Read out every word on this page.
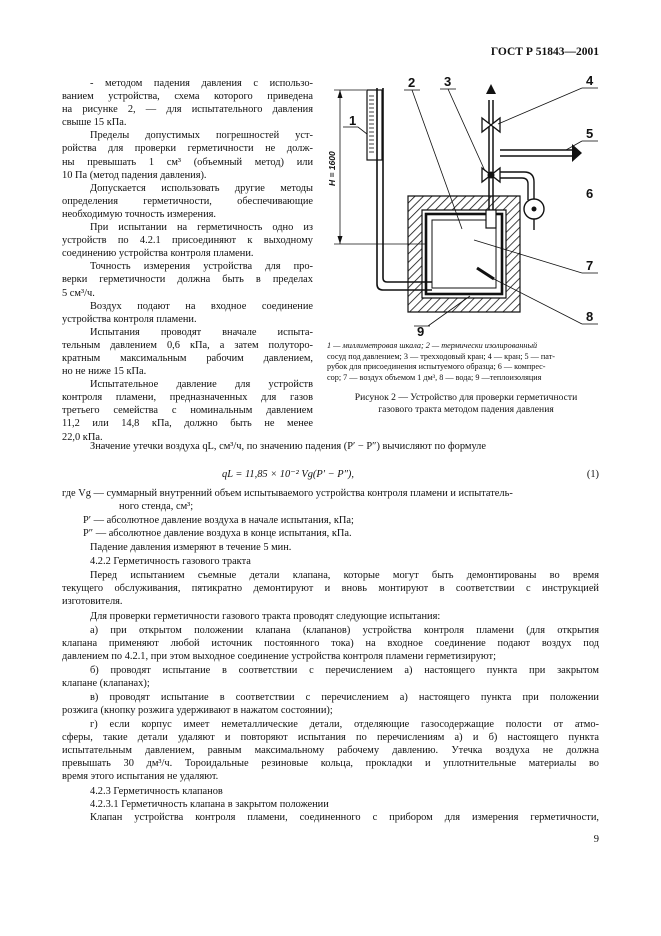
ГОСТ Р 51843—2001
- методом падения давления с использо-
ванием устройства, схема которого приведена
на рисунке 2, — для испытательного давления
свыше 15 кПа.
Пределы допустимых погрешностей уст-
ройства для проверки герметичности не долж-
ны превышать 1 см³ (объемный метод) или
10 Па (метод падения давления).
Допускается использовать другие методы
определения герметичности, обеспечивающие
необходимую точность измерения.
При испытании на герметичность одно из
устройств по 4.2.1 присоединяют к выходному
соединению устройства контроля пламени.
Точность измерения устройства для про-
верки герметичности должна быть в пределах
5 см³/ч.
Воздух подают на входное соединение
устройства контроля пламени.
Испытания проводят вначале испыта-
тельным давлением 0,6 кПа, а затем полуторо-
кратным максимальным рабочим давлением,
но не ниже 15 кПа.
Испытательное давление для устройств
контроля пламени, предназначенных для газов
третьего семейства с номинальным давлением
11,2 или 14,8 кПа, должно быть не менее
22,0 кПа.
H = 1600
1
2 3	4
5
6
7
8
9
1 — миллиметровая шкала; 2 — термически изолированный
сосуд под давлением; 3 — трехходовый кран; 4 — кран; 5 — пат-
рубок для присоединения испытуемого образца; 6 — компрес-
сор; 7 — воздух объемом 1 дм³, 8 — вода; 9 —теплоизоляция
Рисунок 2 — Устройство для проверки герметичности
газового тракта методом падения давления
Значение утечки воздуха qL, см³/ч, по значению падения (P′ − P″) вычисляют по формуле
qL = 11,85 × 10⁻² Vg(P′ − P″),	(1)
где Vg — суммарный внутренний объем испытываемого устройства контроля пламени и испытатель-
ного стенда, см³;
P′ — абсолютное давление воздуха в начале испытания, кПа;
P″ — абсолютное давление воздуха в конце испытания, кПа.
Падение давления измеряют в течение 5 мин.
4.2.2 Герметичность газового тракта
Перед испытанием съемные детали клапана, которые могут быть демонтированы во время
текущего обслуживания, пятикратно демонтируют и вновь монтируют в соответствии с инструкцией
изготовителя.
Для проверки герметичности газового тракта проводят следующие испытания:
а) при открытом положении клапана (клапанов) устройства контроля пламени (для открытия
клапана применяют любой источник постоянного тока) на входное соединение подают воздух под
давлением по 4.2.1, при этом выходное соединение устройства контроля пламени герметизируют;
б) проводят испытание в соответствии с перечислением а) настоящего пункта при закрытом
клапане (клапанах);
в) проводят испытание в соответствии с перечислением а) настоящего пункта при положении
розжига (кнопку розжига удерживают в нажатом состоянии);
г) если корпус имеет неметаллические детали, отделяющие газосодержащие полости от атмо-
сферы, такие детали удаляют и повторяют испытания по перечислениям а) и б) настоящего пункта
испытательным давлением, равным максимальному рабочему давлению. Утечка воздуха не должна
превышать 30 дм³/ч. Тороидальные резиновые кольца, прокладки и уплотнительные материалы во
время этого испытания не удаляют.
4.2.3 Герметичность клапанов
4.2.3.1 Герметичность клапана в закрытом положении
Клапан устройства контроля пламени, соединенного с прибором для измерения герметичности,
9
